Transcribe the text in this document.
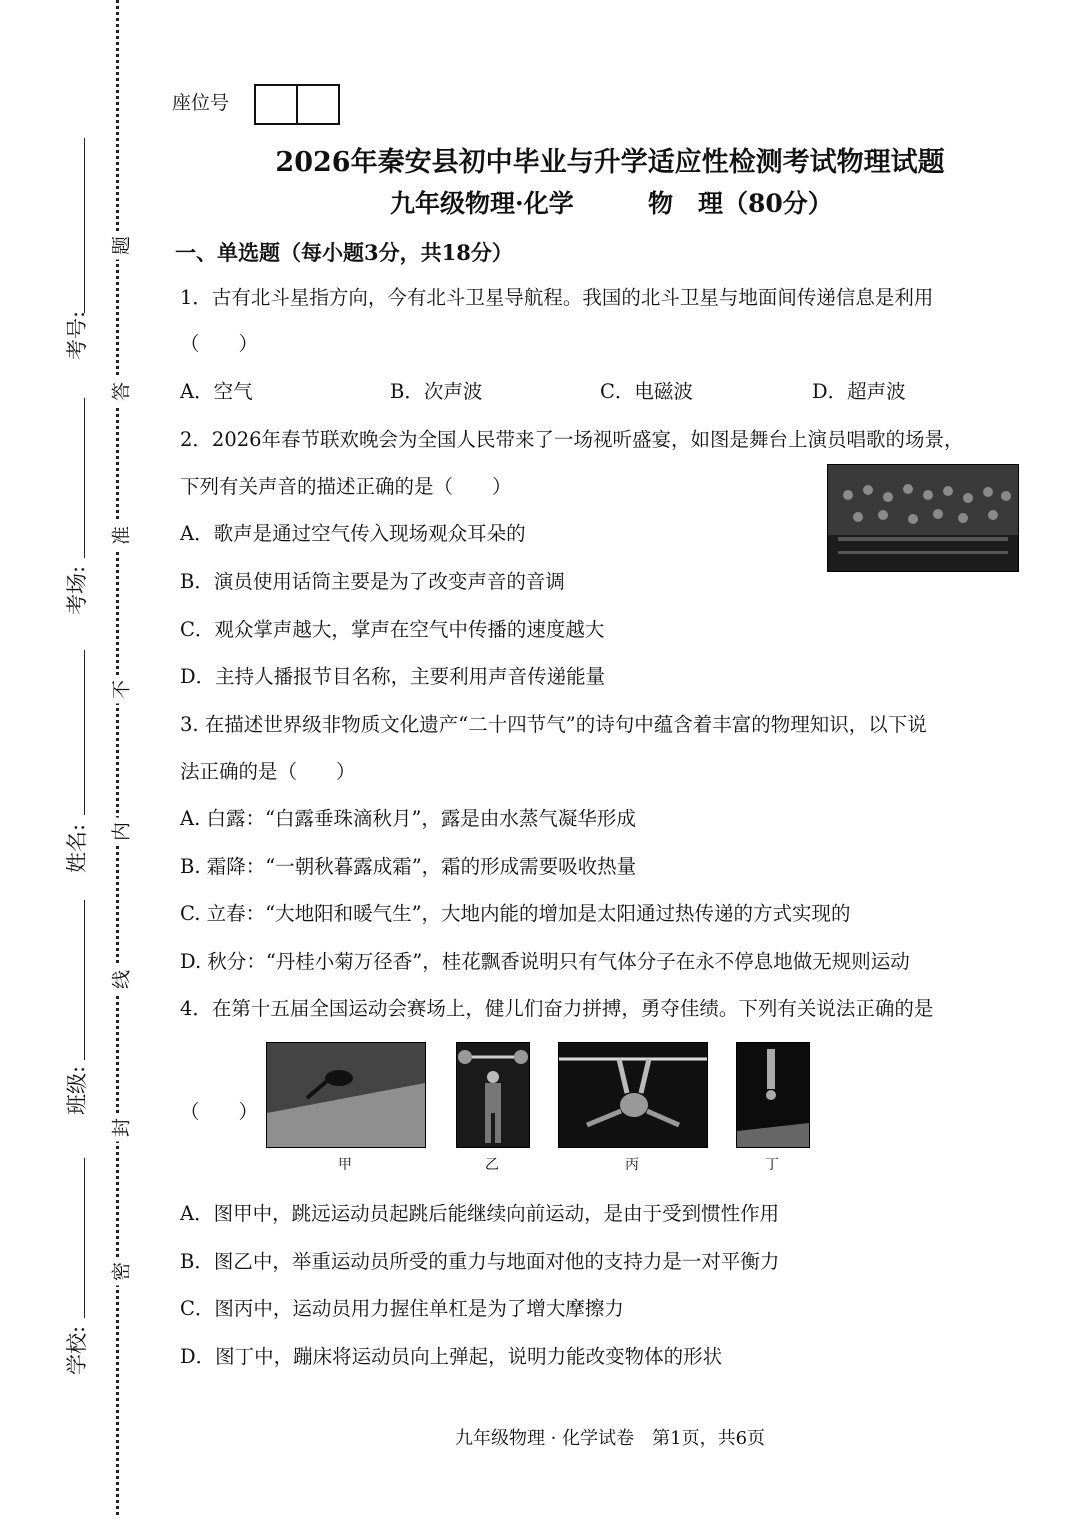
考号:
考场:
姓名:
班级:
学校:
题
答
准
不
内
线
封
密
座位号
2026年秦安县初中毕业与升学适应性检测考试物理试题
九年级物理·化学	物　理（80分）
一、单选题（每小题3分，共18分）
1．古有北斗星指方向，今有北斗卫星导航程。我国的北斗卫星与地面间传递信息是利用
（　　）
A．空气	B．次声波	C．电磁波	D．超声波
2．2026年春节联欢晚会为全国人民带来了一场视听盛宴，如图是舞台上演员唱歌的场景，
下列有关声音的描述正确的是（　　）
A．歌声是通过空气传入现场观众耳朵的
B．演员使用话筒主要是为了改变声音的音调
C．观众掌声越大，掌声在空气中传播的速度越大
D．主持人播报节目名称，主要利用声音传递能量
3. 在描述世界级非物质文化遗产“二十四节气”的诗句中蕴含着丰富的物理知识，以下说
法正确的是（　　）
A. 白露：“白露垂珠滴秋月”，露是由水蒸气凝华形成
B. 霜降：“一朝秋暮露成霜”，霜的形成需要吸收热量
C. 立春：“大地阳和暖气生”，大地内能的增加是太阳通过热传递的方式实现的
D. 秋分：“丹桂小菊万径香”，桂花飘香说明只有气体分子在永不停息地做无规则运动
4．在第十五届全国运动会赛场上，健儿们奋力拼搏，勇夺佳绩。下列有关说法正确的是
（　　）
甲	乙	丙	丁
A．图甲中，跳远运动员起跳后能继续向前运动，是由于受到惯性作用
B．图乙中，举重运动员所受的重力与地面对他的支持力是一对平衡力
C．图丙中，运动员用力握住单杠是为了增大摩擦力
D．图丁中，蹦床将运动员向上弹起，说明力能改变物体的形状
九年级物理 · 化学试卷　第1页，共6页
